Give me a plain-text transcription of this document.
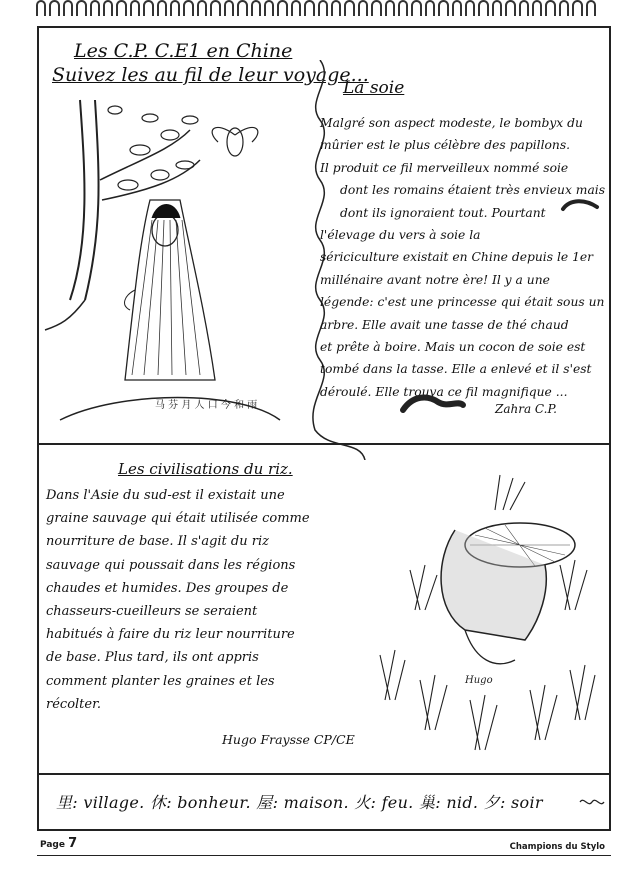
Les C.P. C.E1 en Chine
Suivez les au fil de leur voyage...
马 芬 月 人 口 今 和 雨
La soie
Malgré son aspect modeste, le bombyx du
mûrier est le plus célèbre des papillons.
Il produit ce fil merveilleux nommé soie
dont les romains étaient très envieux mais
dont ils ignoraient tout. Pourtant
l'élevage du vers à soie la
sériciculture existait en Chine depuis le 1er
millénaire avant notre ère! Il y a une
légende: c'est une princesse qui était sous un
arbre. Elle avait une tasse de thé chaud
et prête à boire. Mais un cocon de soie est
tombé dans la tasse. Elle a enlevé et il s'est
déroulé. Elle trouva ce fil magnifique ...
Zahra C.P.
Les civilisations du riz.
Dans l'Asie du sud-est il existait une
graine sauvage qui était utilisée comme
nourriture de base. Il s'agit du riz
sauvage qui poussait dans les régions
chaudes et humides. Des groupes de
chasseurs-cueilleurs se seraient
habitués à faire du riz leur nourriture
de base. Plus tard, ils ont appris
comment planter les graines et les
récolter.
Hugo Fraysse CP/CE
Hugo
里: village. 休: bonheur. 屋: maison. 火: feu. 巢: nid. 夕: soir
Page 7	Champions du Stylo
